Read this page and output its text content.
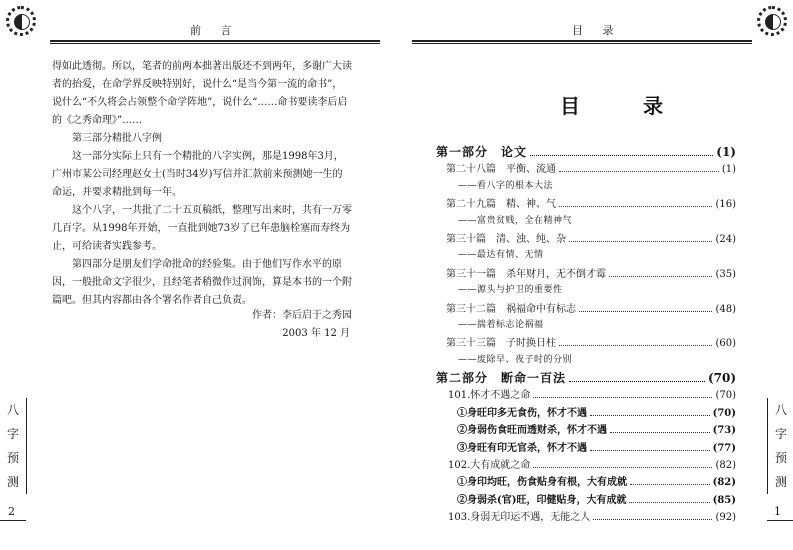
前 言

得如此透彻。所以，笔者的前两本拙著出版还不到两年，多谢广大读者的抬爱，在命学界反映特别好，说什么“是当今第一流的命书”，说什么“不久将会占领整个命学阵地”，说什么“……命书要读李后启的《之秀命理》”……

第三部分精批八字例

这一部分实际上只有一个精批的八字实例，那是1998年3月，广州市某公司经理赵女士(当时34岁)写信并汇款前来预测她一生的命运，并要求精批到每一年。

这个八字，一共批了二十五页稿纸，整理写出来时，共有一万零几百字。从1998年开始，一直批到她73岁了已年患脑栓塞而寿终为止，可给读者实践参考。

第四部分是朋友们学命批命的经验集。由于他们写作水平的原因，一般批命文字很少，且经笔者稍微作过润饰，算是本书的一个附篇吧。但其内容都由各个署名作者自己负责。

作者：李后启于之秀园
2003 年 12 月
八
字
预
测
2
目 录
八
字
预
测
1
目 录
第一部分　论文	(1)
第二十八篇　平衡、流通	(1)
——看八字的根本大法
第二十九篇　精、神、气	(16)
——富贵贫贱，全在精神气
第三十篇　清、浊、纯、杂	(24)
——最达有情、无情
第三十一篇　杀年财月，无不倒才霉	(35)
——源头与护卫的重要性
第三十二篇　祸福命中有标志	(48)
——揣着标志论祸福
第三十三篇　子时换日柱	(60)
——废除早、夜子时的分别
第二部分　断命一百法	(70)
101.怀才不遇之命	(70)
①身旺印多无食伤，怀才不遇	(70)
②身弱伤食旺而透财杀，怀才不遇	(73)
③身旺有印无官杀，怀才不遇	(77)
102.大有成就之命	(82)
①身印均旺，伤食贴身有根，大有成就	(82)
②身弱杀(官)旺，印健贴身，大有成就	(85)
103.身弱无印运不遇，无能之人	(92)
